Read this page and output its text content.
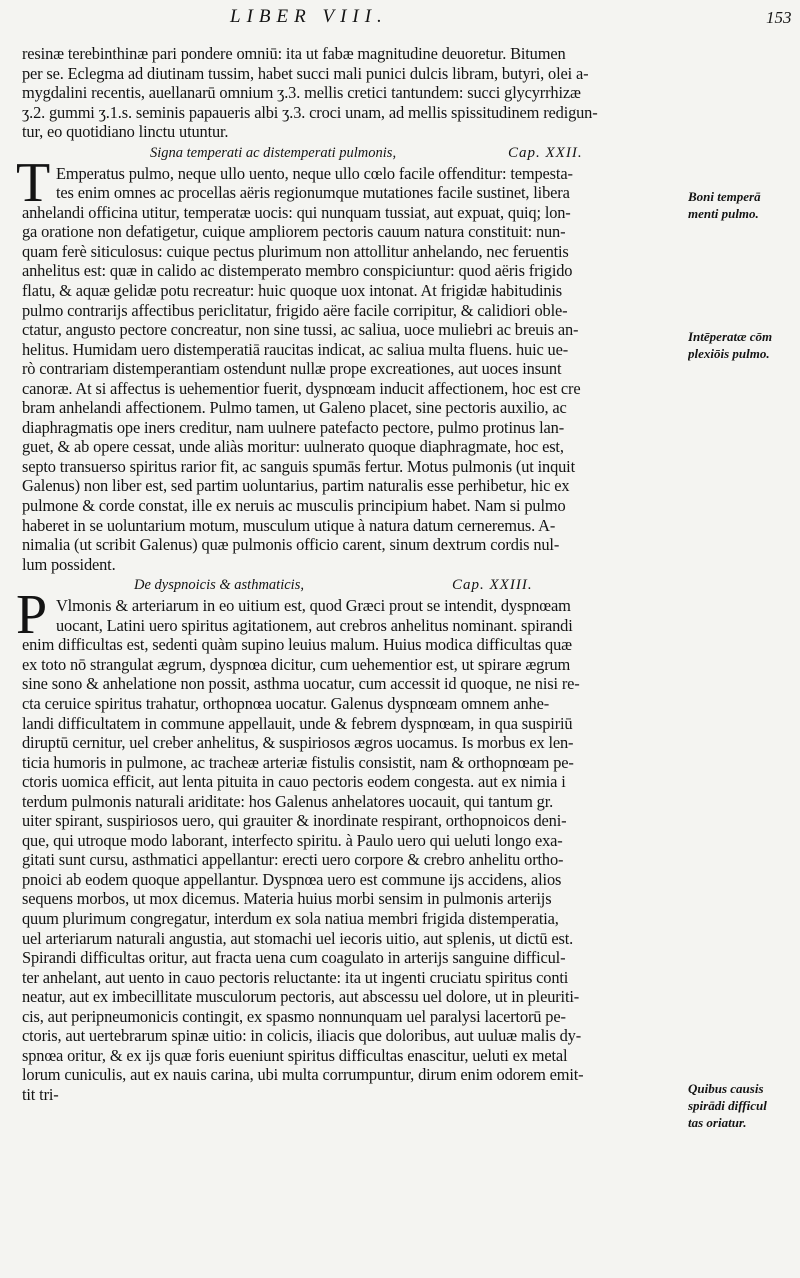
LIBER VIII.	153
resinæ terebinthinæ pari pondere omniū: ita ut fabæ magnitudine deuoretur. Bitumen
per se. Eclegma ad diutinam tussim, habet succi mali punici dulcis libram, butyri, olei a-
mygdalini recentis, auellanarū omnium ʒ.3. mellis cretici tantundem: succi glycyrrhizæ
ʒ.2. gummi ʒ.1.s. seminis papaueris albi ʒ.3. croci unam, ad mellis spissitudinem redigun-
tur, eo quotidiano linctu utuntur.
Signa temperati ac distemperati pulmonis,	Cap. XXII.
T Emperatus pulmo, neque ullo uento, neque ullo cœlo facile offenditur: tempesta-
tes enim omnes ac procellas aëris regionumque mutationes facile sustinet, libera
anhelandi officina utitur, temperatæ uocis: qui nunquam tussiat, aut expuat, quiq; lon-
ga oratione non defatigetur, cuique ampliorem pectoris cauum natura constituit: nun-
quam ferè siticulosus: cuique pectus plurimum non attollitur anhelando, nec feruentis
anhelitus est: quæ in calido ac distemperato membro conspiciuntur: quod aëris frigido
flatu, & aquæ gelidæ potu recreatur: huic quoque uox intonat. At frigidæ habitudinis
pulmo contrarijs affectibus periclitatur, frigido aëre facile corripitur, & calidiori oble-
ctatur, angusto pectore concreatur, non sine tussi, ac saliua, uoce muliebri ac breuis an-
helitus. Humidam uero distemperatiā raucitas indicat, ac saliua multa fluens. huic ue-
rò contrariam distemperantiam ostendunt nullæ prope excreationes, aut uoces insunt
canoræ. At si affectus is uehementior fuerit, dyspnœam inducit affectionem, hoc est cre
bram anhelandi affectionem. Pulmo tamen, ut Galeno placet, sine pectoris auxilio, ac
diaphragmatis ope iners creditur, nam uulnere patefacto pectore, pulmo protinus lan-
guet, & ab opere cessat, unde aliàs moritur: uulnerato quoque diaphragmate, hoc est,
septo transuerso spiritus rarior fit, ac sanguis spumās fertur. Motus pulmonis (ut inquit
Galenus) non liber est, sed partim uoluntarius, partim naturalis esse perhibetur, hic ex
pulmone & corde constat, ille ex neruis ac musculis principium habet. Nam si pulmo
haberet in se uoluntarium motum, musculum utique à natura datum cerneremus. A-
nimalia (ut scribit Galenus) quæ pulmonis officio carent, sinum dextrum cordis nul-
lum possident.
De dyspnoicis & asthmaticis,	Cap. XXIII.
P Vlmonis & arteriarum in eo uitium est, quod Græci prout se intendit, dyspnœam
uocant, Latini uero spiritus agitationem, aut crebros anhelitus nominant. spirandi
enim difficultas est, sedenti quàm supino leuius malum. Huius modica difficultas quæ
ex toto nō strangulat ægrum, dyspnœa dicitur, cum uehementior est, ut spirare ægrum
sine sono & anhelatione non possit, asthma uocatur, cum accessit id quoque, ne nisi re-
cta ceruice spiritus trahatur, orthopnœa uocatur. Galenus dyspnœam omnem anhe-
landi difficultatem in commune appellauit, unde & febrem dyspnœam, in qua suspiriū
diruptū cernitur, uel creber anhelitus, & suspiriosos ægros uocamus. Is morbus ex len-
ticia humoris in pulmone, ac tracheæ arteriæ fistulis consistit, nam & orthopnœam pe-
ctoris uomica efficit, aut lenta pituita in cauo pectoris eodem congesta. aut ex nimia i
terdum pulmonis naturali ariditate: hos Galenus anhelatores uocauit, qui tantum gr.
uiter spirant, suspiriosos uero, qui grauiter & inordinate respirant, orthopnoicos deni-
que, qui utroque modo laborant, interfecto spiritu. à Paulo uero qui ueluti longo exa-
gitati sunt cursu, asthmatici appellantur: erecti uero corpore & crebro anhelitu ortho-
pnoici ab eodem quoque appellantur. Dyspnœa uero est commune ijs accidens, alios
sequens morbos, ut mox dicemus. Materia huius morbi sensim in pulmonis arterijs
quum plurimum congregatur, interdum ex sola natiua membri frigida distemperatia,
uel arteriarum naturali angustia, aut stomachi uel iecoris uitio, aut splenis, ut dictū est.
Spirandi difficultas oritur, aut fracta uena cum coagulato in arterijs sanguine difficul-
ter anhelant, aut uento in cauo pectoris reluctante: ita ut ingenti cruciatu spiritus conti
neatur, aut ex imbecillitate musculorum pectoris, aut abscessu uel dolore, ut in pleuriti-
cis, aut peripneumonicis contingit, ex spasmo nonnunquam uel paralysi lacertorū pe-
ctoris, aut uertebrarum spinæ uitio: in colicis, iliacis que doloribus, aut uuluæ malis dy-
spnœa oritur, & ex ijs quæ foris eueniunt spiritus difficultas enascitur, ueluti ex metal
lorum cuniculis, aut ex nauis carina, ubi multa corrumpuntur, dirum enim odorem emit-
tit tri-
Boni temperā
menti pulmo.
Intēperatæ cōm
plexiōis pulmo.
Quibus causis
spirādi difficul
tas oriatur.
